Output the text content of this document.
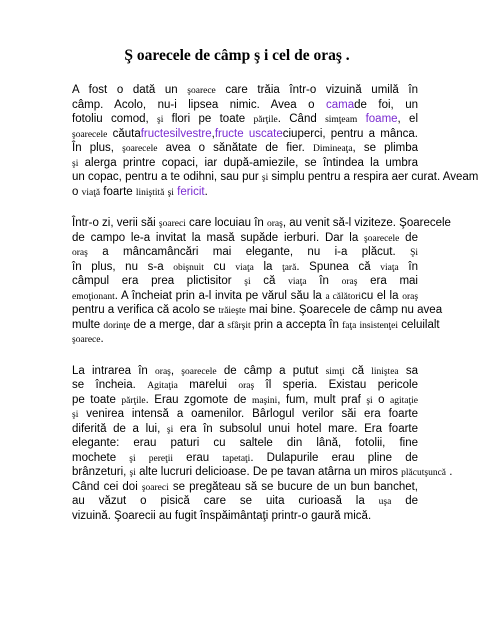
Ş oarecele de câmp ş i cel de oraş .
A fost o dată un şoarece care trăia într-o vizuină umilă în
câmp. Acolo, nu-i lipsea nimic. Avea o camade foi, un
fotoliu comod, şi flori pe toate părţile. Când simţeam foame, el
şoarecele căutafructesilvestre,fructe uscateciuperci, pentru a mânca.
În plus, şoarecele avea o sănătate de fier. Dimineaţa, se plimba
şi alerga printre copaci, iar după-amiezile, se întindea la umbra
un copac, pentru a te odihni, sau pur şi simplu pentru a respira aer curat. Aveam
o viaţă foarte liniştită şi fericit.
Într-o zi, verii săi şoareci care locuiau în oraş, au venit să-l viziteze. Şoarecele
de campo le-a invitat la masă supăde ierburi. Dar la şoarecele de
oraş a mâncamâncări mai elegante, nu i-a plăcut. Şi
în plus, nu s-a obişnuit cu viaţa la ţară. Spunea că viaţa în
câmpul era prea plictisitor şi că viaţa în oraş era mai
emoţionant. A încheiat prin a-l invita pe vărul său la a călătoricu el la oraş
pentru a verifica că acolo se trăieşte mai bine. Şoarecele de câmp nu avea
multe dorinţe de a merge, dar a sfârşit prin a accepta în faţa insistenţei celuilalt
şoarece.
La intrarea în oraş, şoarecele de câmp a putut simţi că liniştea sa
se încheia. Agitaţia marelui oraş îl speria. Existau pericole
pe toate părţile. Erau zgomote de maşini, fum, mult praf şi o agitaţie
şi venirea intensă a oamenilor. Bârlogul verilor săi era foarte
diferită de a lui, şi era în subsolul unui hotel mare. Era foarte
elegante: erau paturi cu saltele din lână, fotolii, fine
mochete şi pereţii erau tapetaţi. Dulapurile erau pline de
brânzeturi, şi alte lucruri delicioase. De pe tavan atârna un miros plăcutşuncă .
Când cei doi şoareci se pregăteau să se bucure de un bun banchet,
au văzut o pisică care se uita curioasă la uşa de
vizuină. Şoarecii au fugit înspăimântaţi printr-o gaură mică.
